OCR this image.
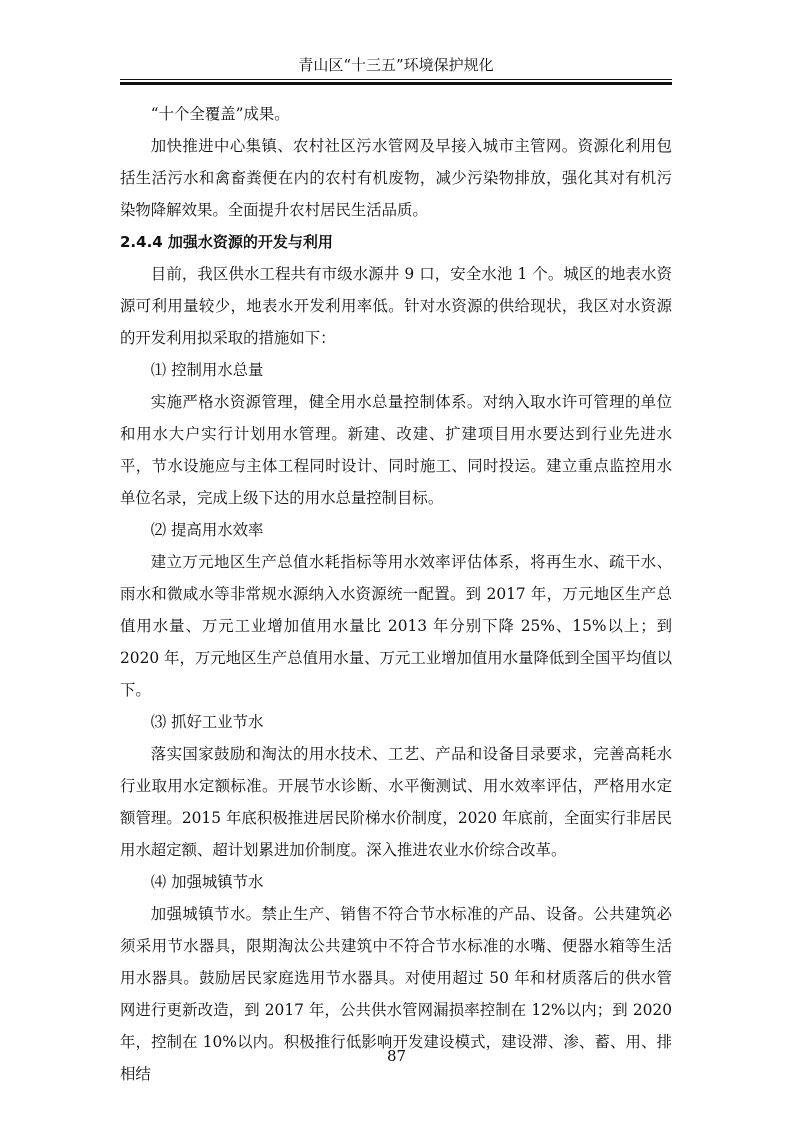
青山区“十三五”环境保护规化

“十个全覆盖”成果。

加快推进中心集镇、农村社区污水管网及早接入城市主管网。资源化利用包括生活污水和禽畜粪便在内的农村有机废物，减少污染物排放，强化其对有机污染物降解效果。全面提升农村居民生活品质。

2.4.4 加强水资源的开发与利用

目前，我区供水工程共有市级水源井 9 口，安全水池 1 个。城区的地表水资源可利用量较少，地表水开发利用率低。针对水资源的供给现状，我区对水资源的开发利用拟采取的措施如下：

⑴ 控制用水总量

实施严格水资源管理，健全用水总量控制体系。对纳入取水许可管理的单位和用水大户实行计划用水管理。新建、改建、扩建项目用水要达到行业先进水平，节水设施应与主体工程同时设计、同时施工、同时投运。建立重点监控用水单位名录，完成上级下达的用水总量控制目标。

⑵ 提高用水效率

建立万元地区生产总值水耗指标等用水效率评估体系，将再生水、疏干水、雨水和微咸水等非常规水源纳入水资源统一配置。到 2017 年，万元地区生产总值用水量、万元工业增加值用水量比 2013 年分别下降 25%、15%以上；到 2020 年，万元地区生产总值用水量、万元工业增加值用水量降低到全国平均值以下。

⑶ 抓好工业节水

落实国家鼓励和淘汰的用水技术、工艺、产品和设备目录要求，完善高耗水行业取用水定额标准。开展节水诊断、水平衡测试、用水效率评估，严格用水定额管理。2015 年底积极推进居民阶梯水价制度，2020 年底前，全面实行非居民用水超定额、超计划累进加价制度。深入推进农业水价综合改革。

⑷ 加强城镇节水

加强城镇节水。禁止生产、销售不符合节水标准的产品、设备。公共建筑必须采用节水器具，限期淘汰公共建筑中不符合节水标准的水嘴、便器水箱等生活用水器具。鼓励居民家庭选用节水器具。对使用超过 50 年和材质落后的供水管网进行更新改造，到 2017 年，公共供水管网漏损率控制在 12%以内；到 2020 年，控制在 10%以内。积极推行低影响开发建设模式，建设滞、渗、蓄、用、排相结

87
